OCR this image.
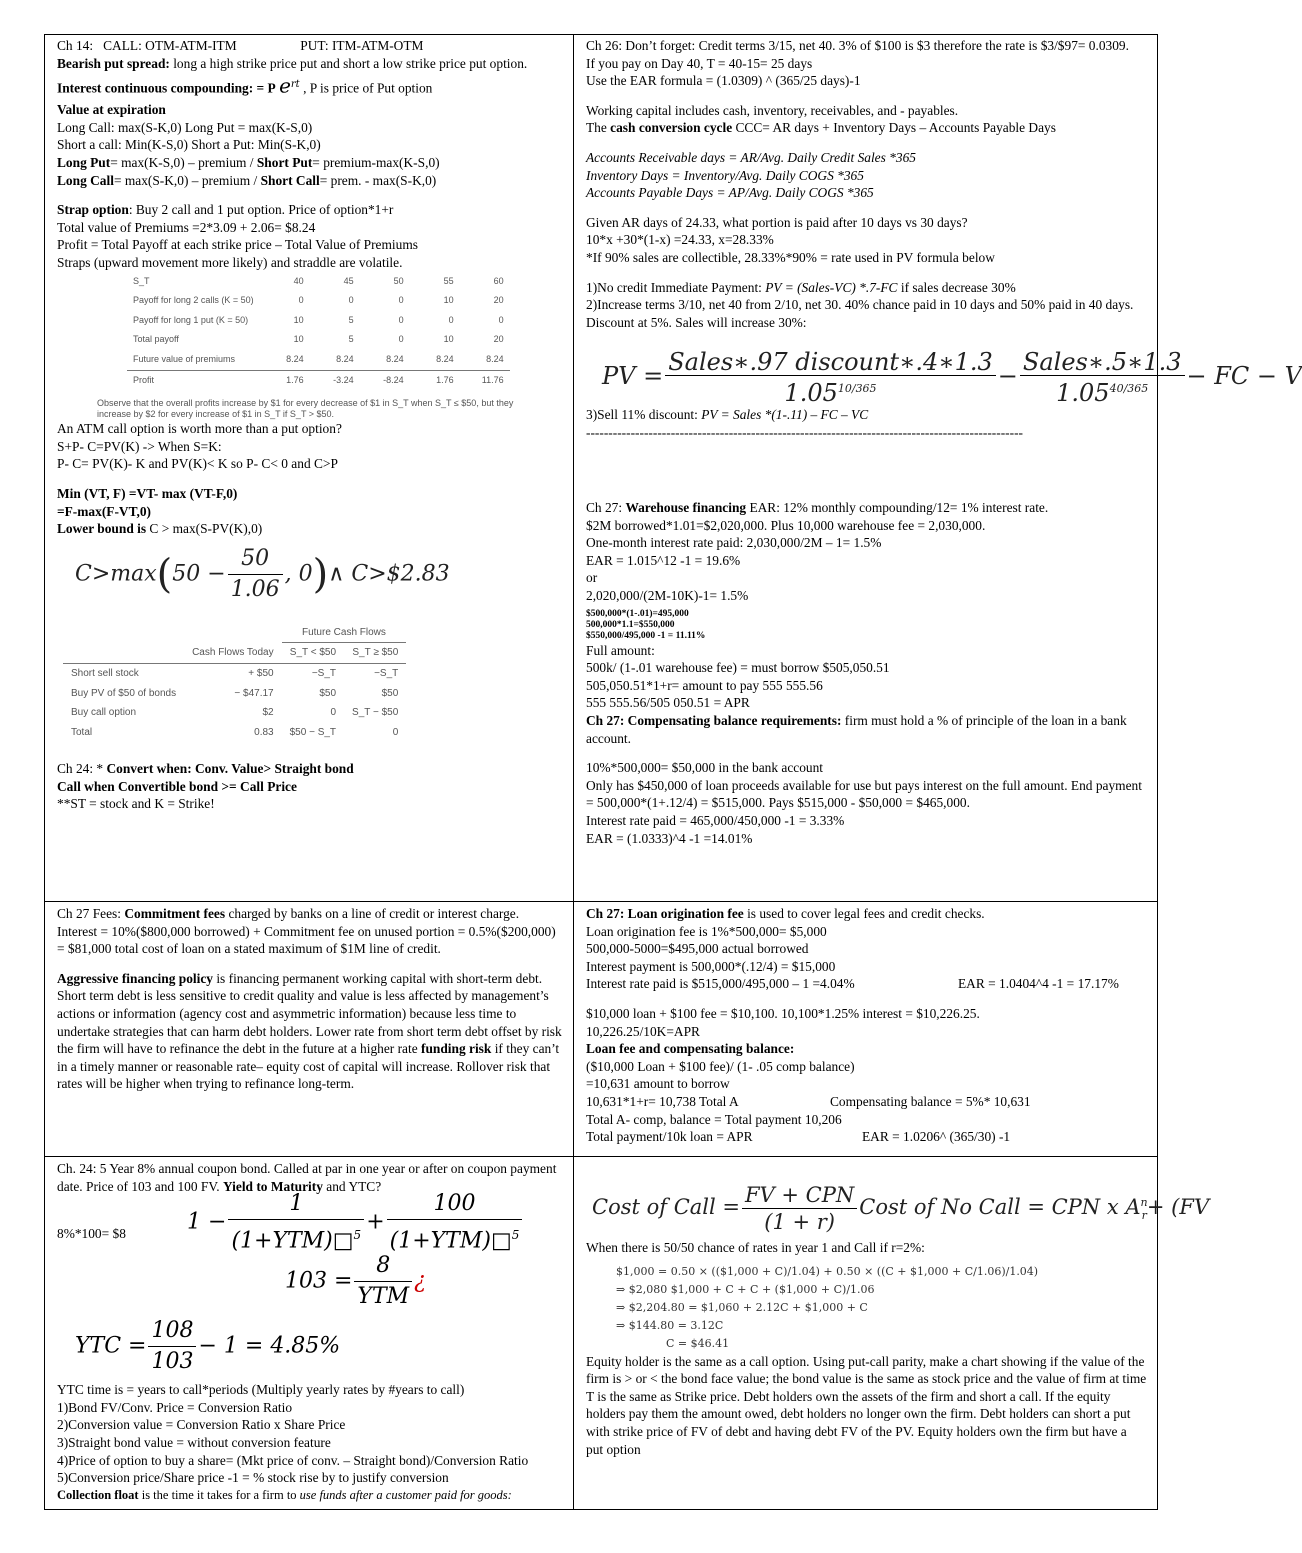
Ch 14:   CALL: OTM-ATM-ITM                   PUT: ITM-ATM-OTM
Bearish put spread: long a high strike price put and short a low strike price put option.
Interest continuous compounding: = P $e^{rt}$ , P is price of Put option
Value at expiration
Long Call: max(S-K,0) Long Put = max(K-S,0)
Short a call: Min(K-S,0) Short a Put: Min(S-K,0)
Long Put= max(K-S,0) – premium / Short Put= premium-max(K-S,0)
Long Call= max(S-K,0) – premium / Short Call= prem. - max(S-K,0)
Strap option: Buy 2 call and 1 put option. Price of option*1+r
Total value of Premiums =2*3.09 + 2.06= $8.24
Profit = Total Payoff at each strike price – Total Value of Premiums
Straps (upward movement more likely) and straddle are volatile.
S_T	40	45	50	55	60
Payoff for long 2 calls (K = 50)	0	0	0	10	20
Payoff for long 1 put (K = 50)	10	5	0	0	0
Total payoff	10	5	0	10	20
Future value of premiums	8.24	8.24	8.24	8.24	8.24
Profit	1.76	-3.24	-8.24	1.76	11.76
Observe that the overall profits increase by $1 for every decrease of $1 in S_T when S_T ≤ $50, but they increase by $2 for every increase of $1 in S_T if S_T > $50.
An ATM call option is worth more than a put option?
S+P- C=PV(K) -> When S=K:
P- C= PV(K)- K and PV(K)< K so P- C< 0 and C>P
Min (VT, F) =VT- max (VT-F,0)
=F-max(F-VT,0)
Lower bound is C > max(S-PV(K),0)
$C>\max(50 - \frac{50}{1.06}$ , 0)∧ C>$2.83
		Future Cash Flows	
	Cash Flows Today	S_T < $50	S_T ≥ $50
Short sell stock	+ $50	−S_T	−S_T
Buy PV of $50 of bonds	− $47.17	$50	$50
Buy call option	$2	0	S_T − $50
Total	0.83	$50 − S_T	0
Ch 24: * Convert when: Conv. Value> Straight bond
Call when Convertible bond >= Call Price
**ST = stock and K = Strike!
Ch 27 Fees: Commitment fees charged by banks on a line of credit or interest charge.
Interest = 10%($800,000 borrowed) + Commitment fee on unused portion = 0.5%($200,000)
= $81,000 total cost of loan on a stated maximum of $1M line of credit.
Aggressive financing policy is financing permanent working capital with short-term debt. Short term debt is less sensitive to credit quality and value is less affected by management’s actions or information (agency cost and asymmetric information) because less time to undertake strategies that can harm debt holders. Lower rate from short term debt offset by risk the firm will have to refinance the debt in the future at a higher rate funding risk if they can’t in a timely manner or reasonable rate– equity cost of capital will increase. Rollover risk that rates will be higher when trying to refinance long-term.
Ch. 24: 5 Year 8% annual coupon bond. Called at par in one year or after on coupon payment date. Price of 103 and 100 FV. Yield to Maturity and YTC?
8%*100= $8	$1 - \frac{1}{(1+YTM)□^5} + \frac{100}{(1+YTM)□^5}$
$103 = \frac{8}{\text{YTM}}$ ¿
YTC = $\frac{108}{103} - 1 = 4.85\%$
YTC time is = years to call*periods (Multiply yearly rates by #years to call)
1)Bond FV/Conv. Price = Conversion Ratio
2)Conversion value = Conversion Ratio x Share Price
3)Straight bond value = without conversion feature
4)Price of option to buy a share= (Mkt price of conv. – Straight bond)/Conversion Ratio
5)Conversion price/Share price -1 = % stock rise by to justify conversion
Collection float is the time it takes for a firm to use funds after a customer paid for goods:
Ch 26: Don’t forget: Credit terms 3/15, net 40. 3% of $100 is $3 therefore the rate is $3/$97= 0.0309.
If you pay on Day 40, T = 40-15= 25 days
Use the EAR formula = (1.0309) ^ (365/25 days)-1
Working capital includes cash, inventory, receivables, and - payables.
The cash conversion cycle CCC= AR days + Inventory Days – Accounts Payable Days
Accounts Receivable days = AR/Avg. Daily Credit Sales *365
Inventory Days = Inventory/Avg. Daily COGS *365
Accounts Payable Days = AP/Avg. Daily COGS *365
Given AR days of 24.33, what portion is paid after 10 days vs 30 days?
10*x +30*(1-x) =24.33, x=28.33%
*If 90% sales are collectible, 28.33%*90% = rate used in PV formula below
1)No credit Immediate Payment: PV = (Sales-VC) *.7-FC if sales decrease 30%
2)Increase terms 3/10, net 40 from 2/10, net 30. 40% chance paid in 10 days and 50% paid in 40 days. Discount at 5%. Sales will increase 30%:
PV = $\frac{\text{Sales∗.97 discount∗.4∗1.3}}{1.05^{10/365}} - \frac{\text{Sales∗.5∗1.3}}{1.05^{40/365}}$ − FC − V
3)Sell 11% discount: PV = Sales *(1-.11) – FC – VC
--------------------------------------------------------------------------------------------------
Ch 27: Warehouse financing EAR: 12% monthly compounding/12= 1% interest rate.
$2M borrowed*1.01=$2,020,000. Plus 10,000 warehouse fee = 2,030,000.
One-month interest rate paid: 2,030,000/2M – 1= 1.5%
EAR = 1.015^12 -1 = 19.6%
or
2,020,000/(2M-10K)-1= 1.5%
$500,000*(1-.01)=495,000
500,000*1.1=$550,000
$550,000/495,000 -1 = 11.11%
Full amount:
500k/ (1-.01 warehouse fee) = must borrow $505,050.51
505,050.51*1+r= amount to pay 555 555.56
555 555.56/505 050.51 = APR
Ch 27: Compensating balance requirements: firm must hold a % of principle of the loan in a bank account.
10%*500,000= $50,000 in the bank account
Only has $450,000 of loan proceeds available for use but pays interest on the full amount. End payment = 500,000*(1+.12/4) = $515,000. Pays $515,000 - $50,000 = $465,000.
Interest rate paid = 465,000/450,000 -1 = 3.33%
EAR = (1.0333)^4 -1 =14.01%
Ch 27: Loan origination fee is used to cover legal fees and credit checks.
Loan origination fee is 1%*500,000= $5,000
500,000-5000=$495,000 actual borrowed
Interest payment is 500,000*(.12/4) = $15,000
Interest rate paid is $515,000/495,000 – 1 =4.04%	EAR = 1.0404^4 -1 = 17.17%
$10,000 loan + $100 fee = $10,100. 10,100*1.25% interest = $10,226.25.
10,226.25/10K=APR
Loan fee and compensating balance:
($10,000 Loan + $100 fee)/ (1- .05 comp balance)
=10,631 amount to borrow
10,631*1+r= 10,738 Total A	Compensating balance = 5%* 10,631
Total A- comp, balance = Total payment 10,206
Total payment/10k loan = APR	EAR = 1.0206^ (365/30) -1
Cost of Call = $\frac{\text{FV + CPN}}{(1 + r)}$ Cost of No Call = CPN x $A^n_r+ (FV$
When there is 50/50 chance of rates in year 1 and Call if r=2%:
$1,000 = 0.50 × (($1,000 + C)/1.04) + 0.50 × ((C + $1,000 + C/1.06)/1.04)
⇒ $2,080 $1,000 + C + C + ($1,000 + C)/1.06
⇒ $2,204.80 = $1,060 + 2.12C + $1,000 + C
⇒ $144.80 = 3.12C
C = $46.41
Equity holder is the same as a call option. Using put-call parity, make a chart showing if the value of the firm is > or < the bond face value; the bond value is the same as stock price and the value of firm at time T is the same as Strike price. Debt holders own the assets of the firm and short a call. If the equity holders pay them the amount owed, debt holders no longer own the firm. Debt holders can short a put with strike price of FV of debt and having debt FV of the PV. Equity holders own the firm but have a put option
